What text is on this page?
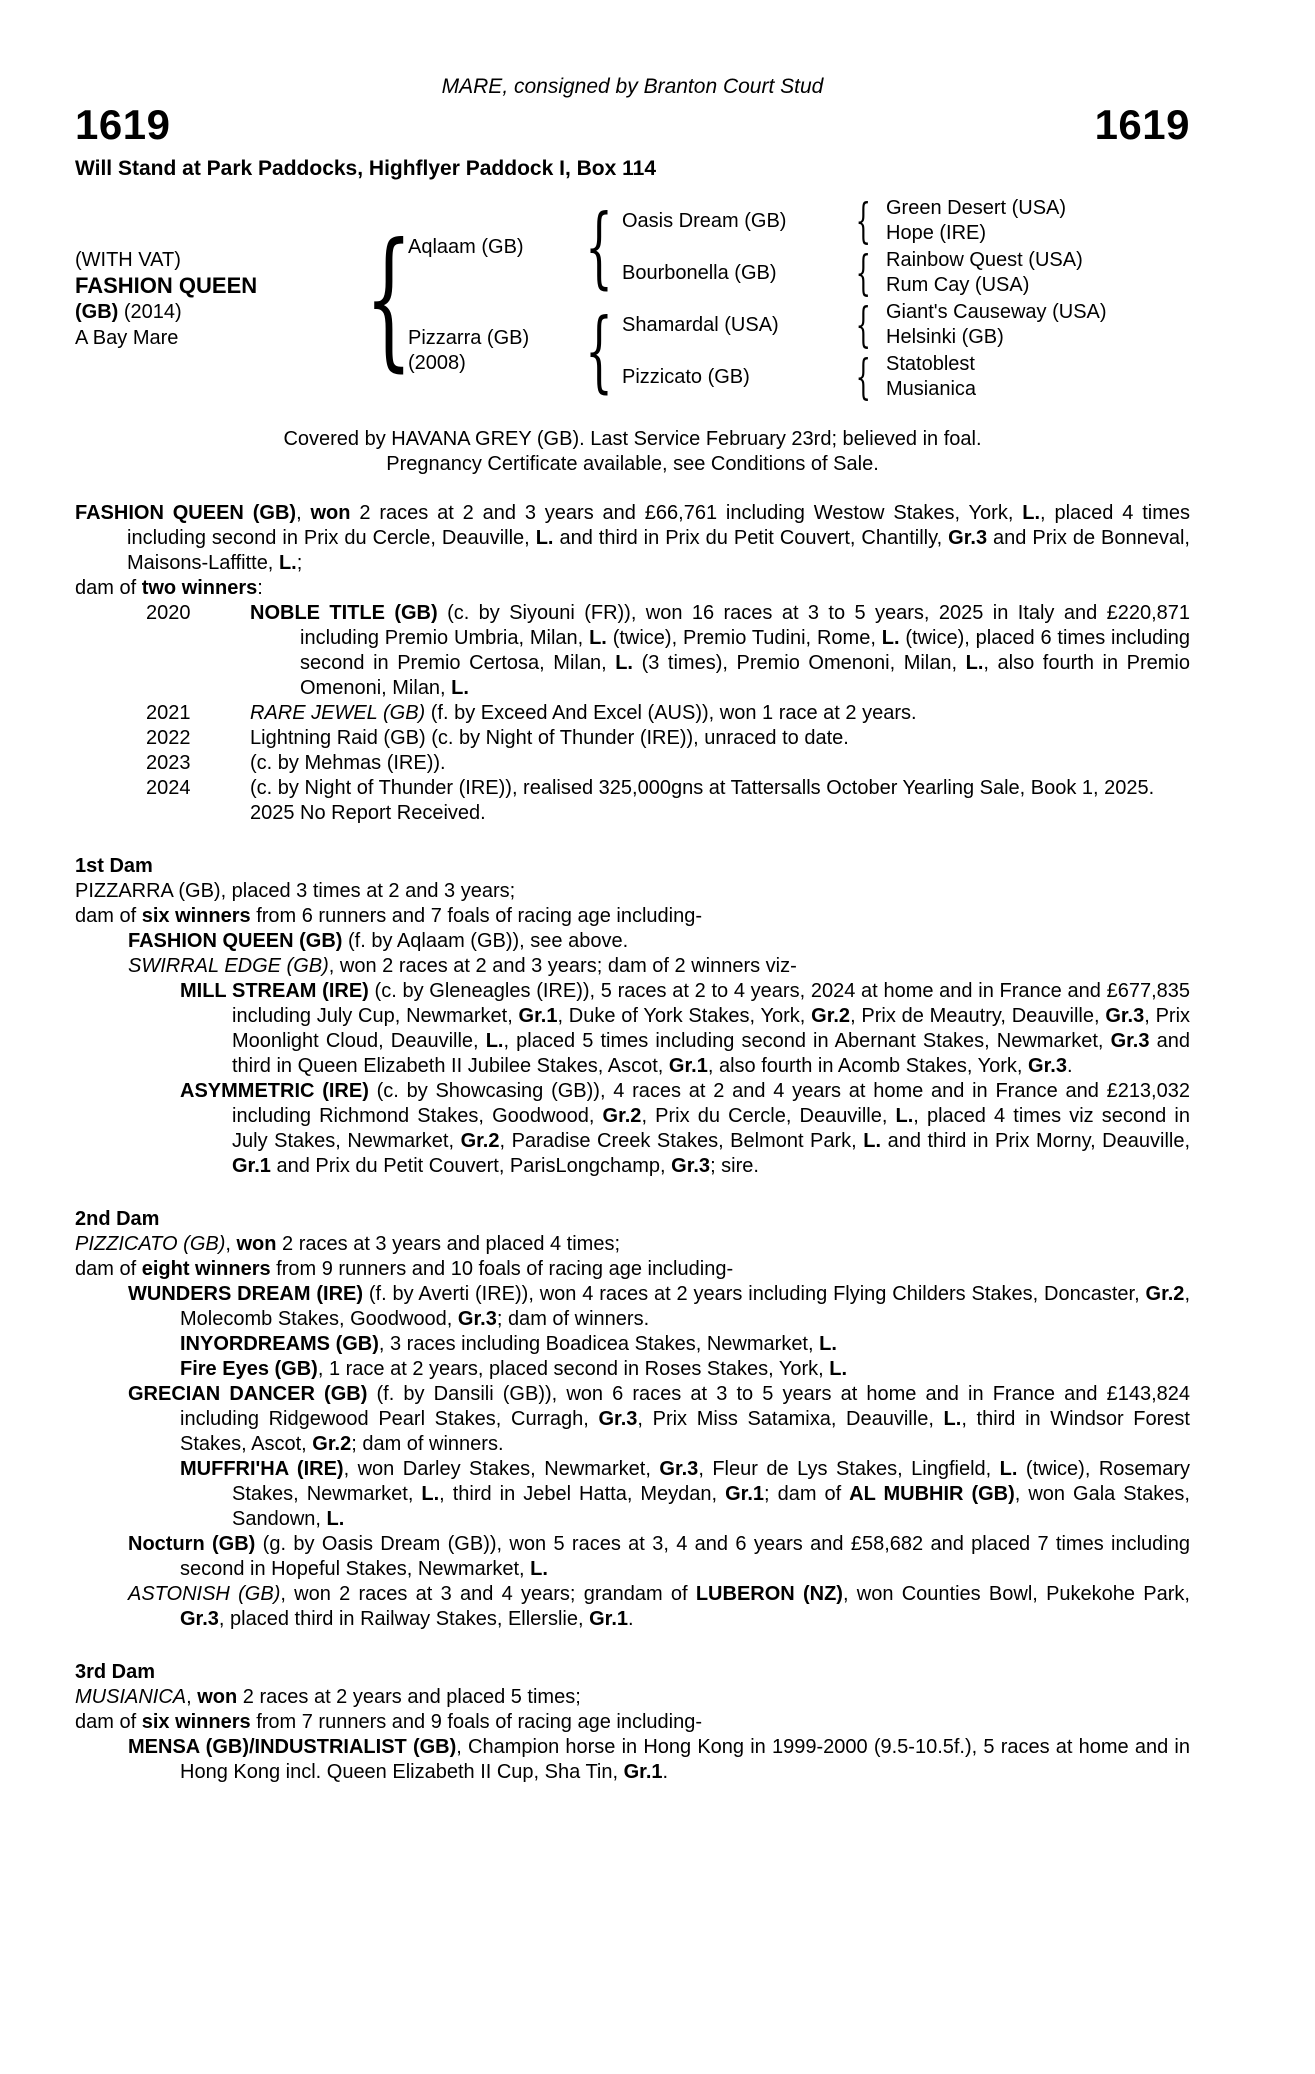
MARE, consigned by Branton Court Stud
1619	1619
Will Stand at Park Paddocks, Highflyer Paddock I, Box 114
(WITH VAT)
FASHION QUEEN
(GB) (2014)
A Bay Mare	{
Aqlaam (GB)
Pizzarra (GB)
(2008)
{
{
Oasis Dream (GB)
Bourbonella (GB)
Shamardal (USA)
Pizzicato (GB)
{
{
{
{
Green Desert (USA)
Hope (IRE)
Rainbow Quest (USA)
Rum Cay (USA)
Giant's Causeway (USA)
Helsinki (GB)
Statoblest
Musianica
Covered by HAVANA GREY (GB). Last Service February 23rd; believed in foal.
Pregnancy Certificate available, see Conditions of Sale.
FASHION QUEEN (GB), won 2 races at 2 and 3 years and £66,761 including Westow Stakes, York, L., placed 4 times including second in Prix du Cercle, Deauville, L. and third in Prix du Petit Couvert, Chantilly, Gr.3 and Prix de Bonneval, Maisons-Laffitte, L.;
dam of two winners:
2020	NOBLE TITLE (GB) (c. by Siyouni (FR)), won 16 races at 3 to 5 years, 2025 in Italy and £220,871 including Premio Umbria, Milan, L. (twice), Premio Tudini, Rome, L. (twice), placed 6 times including second in Premio Certosa, Milan, L. (3 times), Premio Omenoni, Milan, L., also fourth in Premio Omenoni, Milan, L.
2021	RARE JEWEL (GB) (f. by Exceed And Excel (AUS)), won 1 race at 2 years.
2022	Lightning Raid (GB) (c. by Night of Thunder (IRE)), unraced to date.
2023	(c. by Mehmas (IRE)).
2024	(c. by Night of Thunder (IRE)), realised 325,000gns at Tattersalls October Yearling Sale, Book 1, 2025.
2025 No Report Received.
1st Dam
PIZZARRA (GB), placed 3 times at 2 and 3 years;
dam of six winners from 6 runners and 7 foals of racing age including-
FASHION QUEEN (GB) (f. by Aqlaam (GB)), see above.
SWIRRAL EDGE (GB), won 2 races at 2 and 3 years; dam of 2 winners viz-
MILL STREAM (IRE) (c. by Gleneagles (IRE)), 5 races at 2 to 4 years, 2024 at home and in France and £677,835 including July Cup, Newmarket, Gr.1, Duke of York Stakes, York, Gr.2, Prix de Meautry, Deauville, Gr.3, Prix Moonlight Cloud, Deauville, L., placed 5 times including second in Abernant Stakes, Newmarket, Gr.3 and third in Queen Elizabeth II Jubilee Stakes, Ascot, Gr.1, also fourth in Acomb Stakes, York, Gr.3.
ASYMMETRIC (IRE) (c. by Showcasing (GB)), 4 races at 2 and 4 years at home and in France and £213,032 including Richmond Stakes, Goodwood, Gr.2, Prix du Cercle, Deauville, L., placed 4 times viz second in July Stakes, Newmarket, Gr.2, Paradise Creek Stakes, Belmont Park, L. and third in Prix Morny, Deauville, Gr.1 and Prix du Petit Couvert, ParisLongchamp, Gr.3; sire.
2nd Dam
PIZZICATO (GB), won 2 races at 3 years and placed 4 times;
dam of eight winners from 9 runners and 10 foals of racing age including-
WUNDERS DREAM (IRE) (f. by Averti (IRE)), won 4 races at 2 years including Flying Childers Stakes, Doncaster, Gr.2, Molecomb Stakes, Goodwood, Gr.3; dam of winners.
INYORDREAMS (GB), 3 races including Boadicea Stakes, Newmarket, L.
Fire Eyes (GB), 1 race at 2 years, placed second in Roses Stakes, York, L.
GRECIAN DANCER (GB) (f. by Dansili (GB)), won 6 races at 3 to 5 years at home and in France and £143,824 including Ridgewood Pearl Stakes, Curragh, Gr.3, Prix Miss Satamixa, Deauville, L., third in Windsor Forest Stakes, Ascot, Gr.2; dam of winners.
MUFFRI'HA (IRE), won Darley Stakes, Newmarket, Gr.3, Fleur de Lys Stakes, Lingfield, L. (twice), Rosemary Stakes, Newmarket, L., third in Jebel Hatta, Meydan, Gr.1; dam of AL MUBHIR (GB), won Gala Stakes, Sandown, L.
Nocturn (GB) (g. by Oasis Dream (GB)), won 5 races at 3, 4 and 6 years and £58,682 and placed 7 times including second in Hopeful Stakes, Newmarket, L.
ASTONISH (GB), won 2 races at 3 and 4 years; grandam of LUBERON (NZ), won Counties Bowl, Pukekohe Park, Gr.3, placed third in Railway Stakes, Ellerslie, Gr.1.
3rd Dam
MUSIANICA, won 2 races at 2 years and placed 5 times;
dam of six winners from 7 runners and 9 foals of racing age including-
MENSA (GB)/INDUSTRIALIST (GB), Champion horse in Hong Kong in 1999-2000 (9.5-10.5f.), 5 races at home and in Hong Kong incl. Queen Elizabeth II Cup, Sha Tin, Gr.1.
